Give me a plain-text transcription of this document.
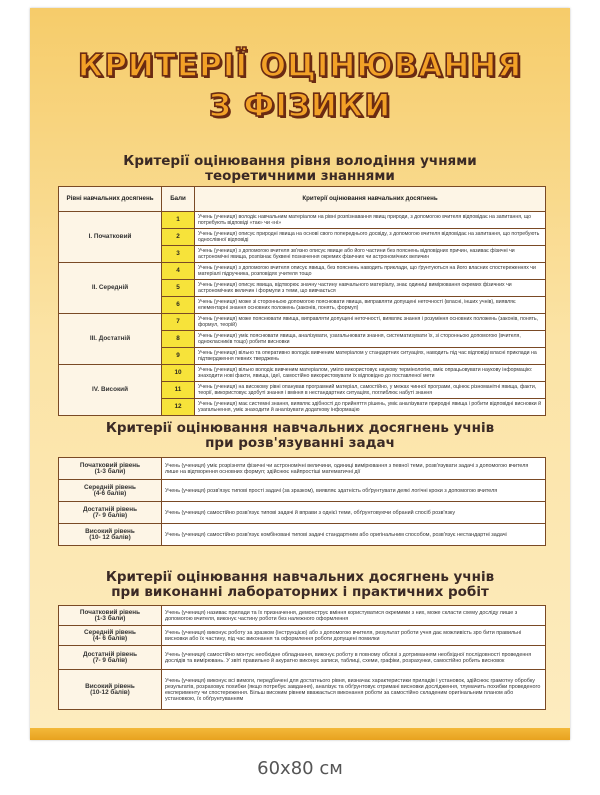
КРИТЕРІЇ ОЦІНЮВАННЯ
З ФІЗИКИ
Критерії оцінювання рівня володіння учнями
теоретичними знаннями
Рівні навчальних досягнень	Бали	Критерії оцінювання навчальних досягнень
I. Початковий	1	Учень (учениця) володіє навчальним матеріалом на рівні розпізнавання явищ природи, з допомогою вчителя відповідає на запитання, що потребують відповіді «так» чи «ні»
	2	Учень (учениця) описує природні явища на основі свого попереднього досвіду, з допомогою вчителя відповідає на запитання, що потребують однослівної відповіді
	3	Учень (учениця) з допомогою вчителя зв'язно описує явище або його частини без пояснень відповідних причин, називає фізичні чи астрономічні явища, розпізнає буквені позначення окремих фізичних чи астрономічних величин
II. Середній	4	Учень (учениця) з допомогою вчителя описує явища, без пояснень наводить приклади, що ґрунтуються на його власних спостереженнях чи матеріалі підручника, розповідях учителя тощо
	5	Учень (учениця) описує явища, відтворює значну частину навчального матеріалу, знає одиниці вимірювання окремих фізичних чи астрономічних величин і формули з теми, що вивчається
	6	Учень (учениця) може зі сторонньою допомогою пояснювати явища, виправляти допущені неточності (власні, інших учнів), виявляє елементарні знання основних положень (законів, понять, формул)
III. Достатній	7	Учень (учениця) може пояснювати явища, виправляти допущені неточності, виявляє знання і розуміння основних положень (законів, понять, формул, теорій)
	8	Учень (учениця) уміє пояснювати явища, аналізувати, узагальнювати знання, систематизувати їх, зі сторонньою допомогою (вчителя, однокласників тощо) робити висновки
	9	Учень (учениця) вільно та оперативно володіє вивченим матеріалом у стандартних ситуаціях, наводить під час відповіді власні приклади на підтвердження певних тверджень
IV. Високий	10	Учень (учениця) вільно володіє вивченим матеріалом, уміло використовує наукову термінологію, вміє опрацьовувати наукову інформацію: знаходити нові факти, явища, ідеї, самостійно використовувати їх відповідно до поставленої мети
	11	Учень (учениця) на високому рівні опанував програмний матеріал, самостійно, у межах чинної програми, оцінює різноманітні явища, факти, теорії, використовує здобуті знання і вміння в нестандартних ситуаціях, поглиблює набуті знання
	12	Учень (учениця) має системні знання, виявляє здібності до прийняття рішень, уміє аналізувати природні явища і робити відповідні висновки й узагальнення, уміє знаходити й аналізувати додаткову інформацію
Критерії оцінювання навчальних досягнень учнів
при розв'язуванні задач
Початковий рівень
(1-3 бали)	Учень (учениця) уміє розрізняти фізичні чи астрономічні величини, одиниці вимірювання з певної теми, розв'язувати задачі з допомогою вчителя лише на відтворення основних формул; здійснює найпростіші математичні дії

Середній рівень
(4-6 балів)	Учень (учениця) розв'язує типові прості задачі (за зразком), виявляє здатність обґрунтувати деякі логічні кроки з допомогою вчителя

Достатній рівень
(7- 9 балів)	Учень (учениця) самостійно розв'язує типові задачі й вправи з однієї теми, обґрунтовуючи обраний спосіб розв'язку

Високий рівень
(10- 12 балів)	Учень (учениця) самостійно розв'язує комбіновані типові задачі стандартним або оригінальним способом, розв'язує нестандартні задачі
Критерії оцінювання навчальних досягнень учнів
при виконанні лабораторних і практичних робіт
Початковий рівень
(1-3 бали)	Учень (учениця) називає прилади та їх призначення, демонструє вміння користуватися окремими з них, може скласти схему досліду лише з допомогою вчителя, виконує частину роботи без належного оформлення

Середній рівень
(4- 6 балів)	Учень (учениця) виконує роботу за зразком (інструкцією) або з допомогою вчителя, результат роботи учня дає можливість зро бити правильні висновки або їх частину, під час виконання та оформлення роботи допущені помилки

Достатній рівень
(7- 9 балів)	Учень (учениця) самостійно монтує необхідне обладнання, виконує роботу в повному обсязі з дотриманням необхідної послідовності проведення дослідів та вимірювань. У звіті правильно й акуратно виконує записи, таблиці, схеми, графіки, розрахунки, самостійно робить висновок

Високий рівень
(10-12 балів)	Учень (учениця) виконує всі вимоги, передбачені для достатнього рівня, визначає характеристики приладів і установок, здійснює грамотну обробку результатів, розраховує похибки (якщо потребує завдання), аналізує та обґрунтовує отримані висновки дослідження, тлумачить похибки проведеного експерименту чи спостереження. Більш високим рівнем вважається виконання роботи за самостійно складеним оригінальним планом або установкою, їх обґрунтуванням
60х80 см
